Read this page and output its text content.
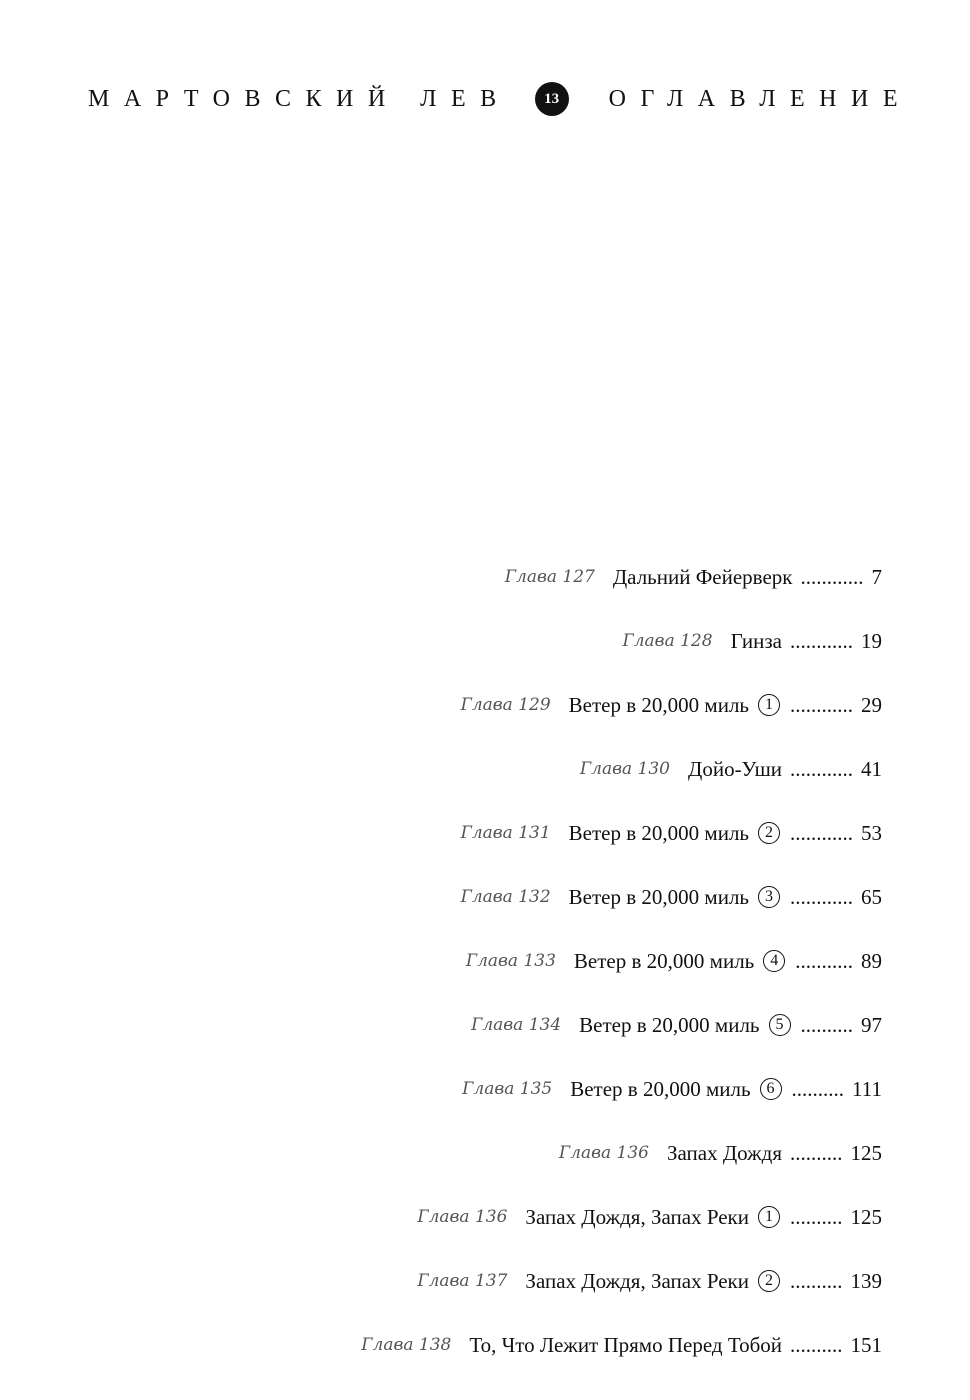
МАРТОВСКИЙ ЛЕВ	13	ОГЛАВЛЕНИЕ
Глава 127 Дальний Фейерверк ............ 7
Глава 128 Гинза ............ 19
Глава 129 Ветер в 20,000 миль	1 ............ 29
Глава 130 Дойо-Уши ............ 41
Глава 131 Ветер в 20,000 миль	2 ............ 53
Глава 132 Ветер в 20,000 миль	3 ............ 65
Глава 133 Ветер в 20,000 миль	4 ........... 89
Глава 134 Ветер в 20,000 миль	5 .......... 97
Глава 135 Ветер в 20,000 миль	6 .......... 111
Глава 136 Запах Дождя .......... 125
Глава 136 Запах Дождя, Запах Реки	1 .......... 125
Глава 137 Запах Дождя, Запах Реки	2 .......... 139
Глава 138 То, Что Лежит Прямо Перед Тобой .......... 151
